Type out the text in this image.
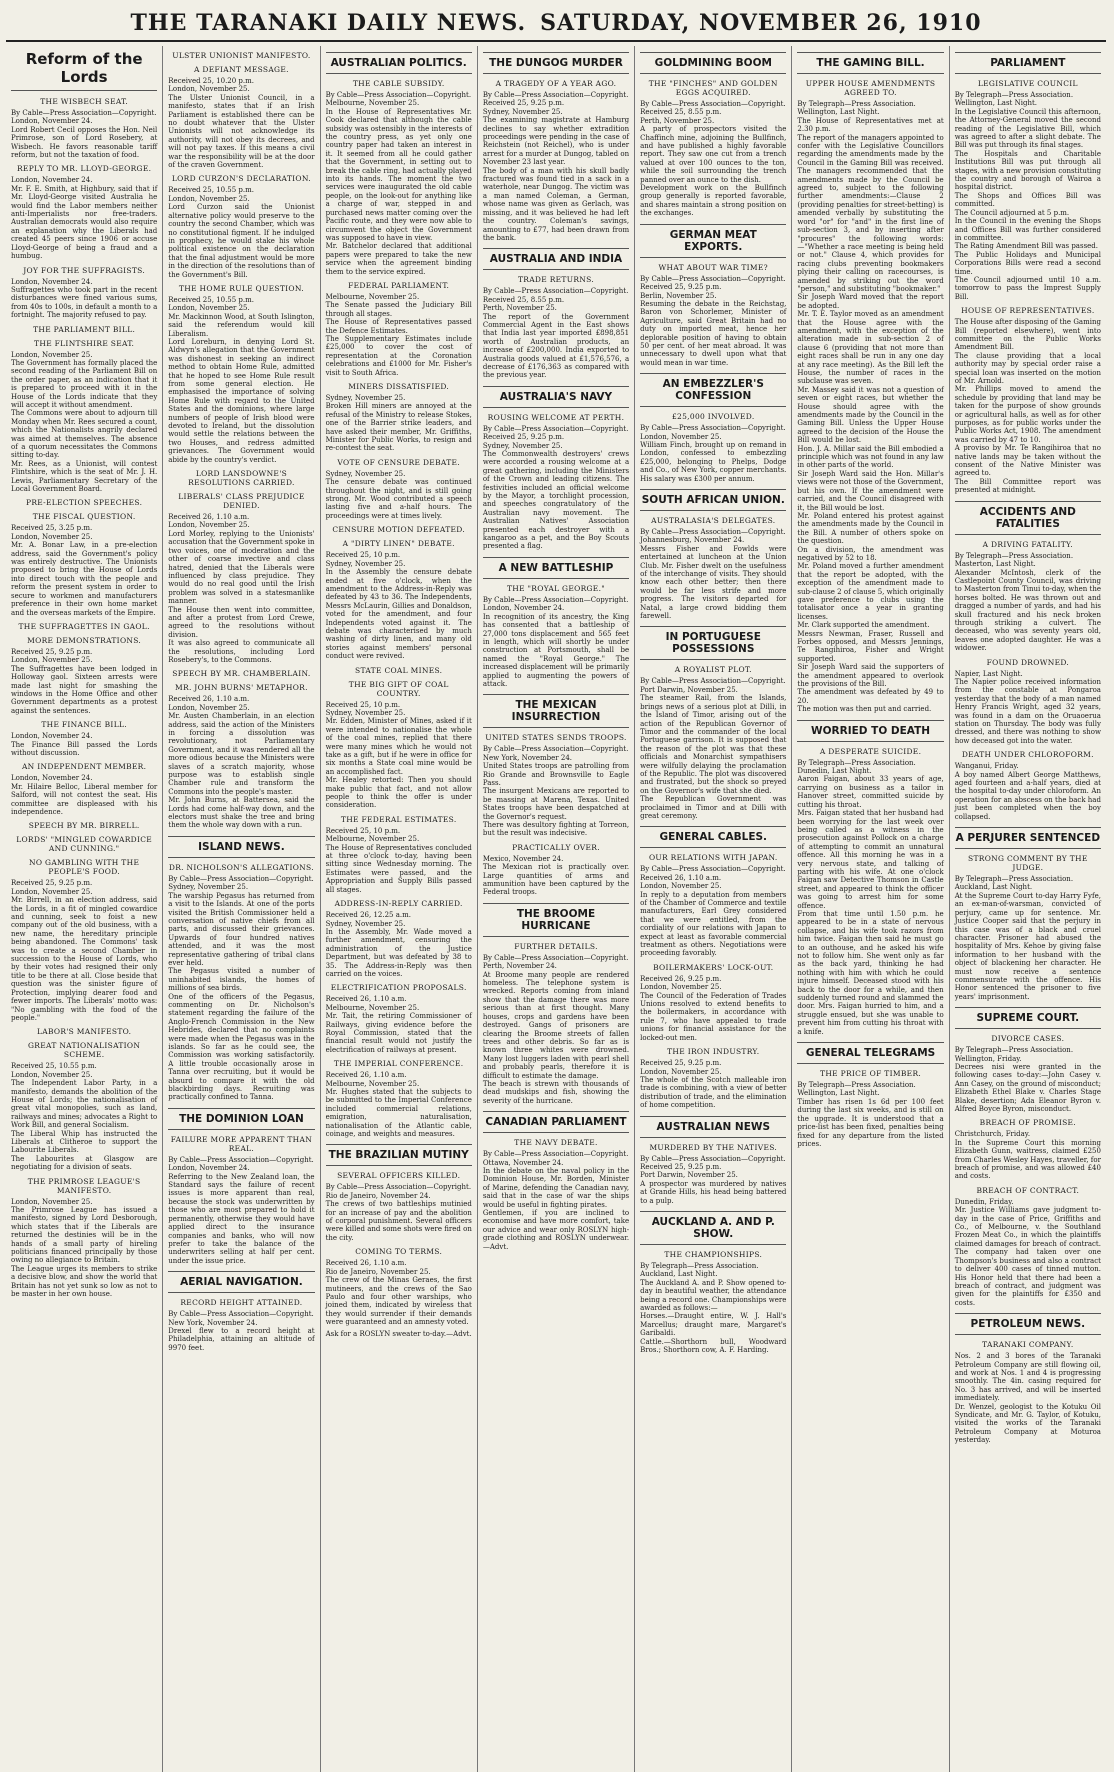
THE TARANAKI DAILY NEWS. SATURDAY, NOVEMBER 26, 1910
Reform of the Lords
THE WISBECH SEAT.

By Cable—Press Association—Copyright.
London, November 24.
Lord Robert Cecil opposes the Hon. Neil Primrose, son of Lord Rosebery, at Wisbech. He favors reasonable tariff reform, but not the taxation of food.

REPLY TO MR. LLOYD-GEORGE.

London, November 24.
Mr. F. E. Smith, at Highbury, said that if Mr. Lloyd-George visited Australia he would find the Labor members neither anti-Imperialists nor free-traders. Australian democrats would also require an explanation why the Liberals had created 45 peers since 1906 or accuse Lloyd-George of being a fraud and a humbug.

JOY FOR THE SUFFRAGISTS.

London, November 24.
Suffragettes who took part in the recent disturbances were fined various sums, from 40s to 100s, in default a month to a fortnight. The majority refused to pay.

THE PARLIAMENT BILL.
THE FLINTSHIRE SEAT.

London, November 25.
The Government has formally placed the second reading of the Parliament Bill on the order paper, as an indication that it is prepared to proceed with it in the House of the Lords indicate that they will accept it without amendment.
The Commons were about to adjourn till Monday when Mr. Rees secured a count, which the Nationalists angrily declared was aimed at themselves. The absence of a quorum necessitates the Commons sitting to-day.
Mr. Rees, as a Unionist, will contest Flintshire, which is the seat of Mr. J. H. Lewis, Parliamentary Secretary of the Local Government Board.

PRE-ELECTION SPEECHES.
THE FISCAL QUESTION.

Received 25, 3.25 p.m.
London, November 25.
Mr. A. Bonar Law, in a pre-election address, said the Government's policy was entirely destructive. The Unionists proposed to bring the House of Lords into direct touch with the people and reform the present system in order to secure to workmen and manufacturers preference in their own home market and the overseas markets of the Empire.

THE SUFFRAGETTES IN GAOL.
MORE DEMONSTRATIONS.

Received 25, 9.25 p.m.
London, November 25.
The Suffragettes have been lodged in Holloway gaol. Sixteen arrests were made last night for smashing the windows in the Home Office and other Government departments as a protest against the sentences.

THE FINANCE BILL.

London, November 24.
The Finance Bill passed the Lords without discussion.

AN INDEPENDENT MEMBER.

London, November 24.
Mr. Hilaire Belloc, Liberal member for Salford, will not contest the seat. His committee are displeased with his independence.

SPEECH BY MR. BIRRELL.
LORDS' "MINGLED COWARDICE AND CUNNING."
NO GAMBLING WITH THE PEOPLE'S FOOD.

Received 25, 9.25 p.m.
London, November 25.
Mr. Birrell, in an election address, said the Lords, in a fit of mingled cowardice and cunning, seek to foist a new company out of the old business, with a new name, the hereditary principle being abandoned. The Commons' task was to create a second Chamber in succession to the House of Lords, who by their votes had resigned their only title to be there at all. Close beside that question was the sinister figure of Protection, implying dearer food and fewer imports. The Liberals' motto was: "No gambling with the food of the people."

LABOR'S MANIFESTO.
GREAT NATIONALISATION SCHEME.

Received 25, 10.55 p.m.
London, November 25.
The Independent Labor Party, in a manifesto, demands the abolition of the House of Lords; the nationalisation of great vital monopolies, such as land, railways and mines; advocates a Right to Work Bill, and general Socialism.
The Liberal Whip has instructed the Liberals at Clitheroe to support the Labourite Liberals.
The Labourites at Glasgow are negotiating for a division of seats.

THE PRIMROSE LEAGUE'S MANIFESTO.

London, November 25.
The Primrose League has issued a manifesto, signed by Lord Desborough, which states that if the Liberals are returned the destinies will be in the hands of a small party of hireling politicians financed principally by those owing no allegiance to Britain.
The League urges its members to strike a decisive blow, and show the world that Britain has not yet sunk so low as not to be master in her own house.

ULSTER UNIONIST MANIFESTO.
A DEFIANT MESSAGE.

Received 25, 10.20 p.m.
London, November 25.
The Ulster Unionist Council, in a manifesto, states that if an Irish Parliament is established there can be no doubt whatever that the Ulster Unionists will not acknowledge its authority, will not obey its decrees, and will not pay taxes. If this means a civil war the responsibility will be at the door of the craven Government.

LORD CURZON'S DECLARATION.

Received 25, 10.55 p.m.
London, November 25.
Lord Curzon said the Unionist alternative policy would preserve to the country the second Chamber, which was no constitutional figment. If he indulged in prophecy, he would stake his whole political existence on the declaration that the final adjustment would be more in the direction of the resolutions than of the Government's Bill.

THE HOME RULE QUESTION.

Received 25, 10.55 p.m.
London, November 25.
Mr. Mackinnon Wood, at South Islington, said the referendum would kill Liberalism.
Lord Loreburn, in denying Lord St. Aldwyn's allegation that the Government was dishonest in seeking an indirect method to obtain Home Rule, admitted that he hoped to see Home Rule result from some general election. He emphasised the importance of solving Home Rule with regard to the United States and the dominions, where large numbers of people of Irish blood were devoted to Ireland, but the dissolution would settle the relations between the two Houses, and redress admitted grievances. The Government would abide by the country's verdict.

LORD LANSDOWNE'S RESOLUTIONS CARRIED.
LIBERALS' CLASS PREJUDICE DENIED.

Received 26, 1.10 a.m.
London, November 25.
Lord Morley, replying to the Unionists' accusation that the Government spoke in two voices, one of moderation and the other of coarse invective and class hatred, denied that the Liberals were influenced by class prejudice. They would do no real good until the Irish problem was solved in a statesmanlike manner.
The House then went into committee, and after a protest from Lord Crewe, agreed to the resolutions without division.
It was also agreed to communicate all the resolutions, including Lord Rosebery's, to the Commons.

SPEECH BY MR. CHAMBERLAIN.
MR. JOHN BURNS' METAPHOR.

Received 26, 1.10 a.m.
London, November 25.
Mr. Austen Chamberlain, in an election address, said the action of the Ministers in forcing a dissolution was revolutionary, not Parliamentary Government, and it was rendered all the more odious because the Ministers were slaves of a scratch majority, whose purpose was to establish single Chamber rule and transform the Commons into the people's master.
Mr. John Burns, at Battersea, said the Lords had come half-way down, and the electors must shake the tree and bring them the whole way down with a run.

ISLAND NEWS.
DR. NICHOLSON'S ALLEGATIONS.

By Cable—Press Association—Copyright.
Sydney, November 25.
The warship Pegasus has returned from a visit to the Islands. At one of the ports visited the British Commissioner held a conversation of native chiefs from all parts, and discussed their grievances. Upwards of four hundred natives attended, and it was the most representative gathering of tribal clans ever held.
The Pegasus visited a number of uninhabited islands, the homes of millions of sea birds.
One of the officers of the Pegasus, commenting on Dr. Nicholson's statement regarding the failure of the Anglo-French Commission in the New Hebrides, declared that no complaints were made when the Pegasus was in the islands. So far as he could see, the Commission was working satisfactorily. A little trouble occasionally arose in Tanna over recruiting, but it would be absurd to compare it with the old blackbirding days. Recruiting was practically confined to Tanna.

THE DOMINION LOAN
FAILURE MORE APPARENT THAN REAL.

By Cable—Press Association—Copyright.
London, November 24.
Referring to the New Zealand loan, the Standard says the failure of recent issues is more apparent than real, because the stock was underwritten by those who are most prepared to hold it permanently, otherwise they would have applied direct to the insurance companies and banks, who will now prefer to take the balance of the underwriters selling at half per cent. under the issue price.

AERIAL NAVIGATION.
RECORD HEIGHT ATTAINED.

By Cable—Press Association—Copyright.
New York, November 24.
Drexel flew to a record height at Philadelphia, attaining an altitude of 9970 feet.

AUSTRALIAN POLITICS.
THE CABLE SUBSIDY.

By Cable—Press Association—Copyright.
Melbourne, November 25.
In the House of Representatives Mr. Cook declared that although the cable subsidy was ostensibly in the interests of the country press, as yet only one country paper had taken an interest in it. It seemed from all he could gather that the Government, in setting out to break the cable ring, had actually played into its hands. The moment the two services were inaugurated the old cable people, on the look-out for anything like a charge of war, stepped in and purchased news matter coming over the Pacific route, and they were now able to circumvent the object the Government was supposed to have in view.
Mr. Batchelor declared that additional papers were prepared to take the new service when the agreement binding them to the service expired.

FEDERAL PARLIAMENT.

Melbourne, November 25.
The Senate passed the Judiciary Bill through all stages.
The House of Representatives passed the Defence Estimates.
The Supplementary Estimates include £25,000 to cover the cost of representation at the Coronation celebrations and £1000 for Mr. Fisher's visit to South Africa.

MINERS DISSATISFIED.

Sydney, November 25.
Broken Hill miners are annoyed at the refusal of the Ministry to release Stokes, one of the Barrier strike leaders, and have asked their member, Mr. Griffiths, Minister for Public Works, to resign and re-contest the seat.

VOTE OF CENSURE DEBATE.

Sydney, November 25.
The censure debate was continued throughout the night, and is still going strong. Mr. Wood contributed a speech lasting five and a-half hours. The proceedings were at times lively.

CENSURE MOTION DEFEATED.
A "DIRTY LINEN" DEBATE.

Received 25, 10 p.m.
Sydney, November 25.
In the Assembly the censure debate ended at five o'clock, when the amendment to the Address-in-Reply was defeated by 43 to 36. The Independents, Messrs McLaurin, Gillies and Donaldson, voted for the amendment, and four Independents voted against it. The debate was characterised by much washing of dirty linen, and many old stories against members' personal conduct were revived.

STATE COAL MINES.
THE BIG GIFT OF COAL COUNTRY.

Received 25, 10 p.m.
Sydney, November 25.
Mr. Edden, Minister of Mines, asked if it were intended to nationalise the whole of the coal mines, replied that there were many mines which he would not take as a gift, but if he were in office for six months a State coal mine would be an accomplished fact.
Mr. Healey retorted: Then you should make public that fact, and not allow people to think the offer is under consideration.

THE FEDERAL ESTIMATES.

Received 25, 10 p.m.
Melbourne, November 25.
The House of Representatives concluded at three o'clock to-day, having been sitting since Wednesday morning. The Estimates were passed, and the Appropriation and Supply Bills passed all stages.

ADDRESS-IN-REPLY CARRIED.

Received 26, 12.25 a.m.
Sydney, November 25.
In the Assembly, Mr. Wade moved a further amendment, censuring the administration of the Justice Department, but was defeated by 38 to 35. The Address-in-Reply was then carried on the voices.

ELECTRIFICATION PROPOSALS.

Received 26, 1.10 a.m.
Melbourne, November 25.
Mr. Tait, the retiring Commissioner of Railways, giving evidence before the Royal Commission, stated that the financial result would not justify the electrification of railways at present.

THE IMPERIAL CONFERENCE.

Received 26, 1.10 a.m.
Melbourne, November 25.
Mr. Hughes stated that the subjects to be submitted to the Imperial Conference included commercial relations, emigration, naturalisation, nationalisation of the Atlantic cable, coinage, and weights and measures.

THE BRAZILIAN MUTINY
SEVERAL OFFICERS KILLED.

By Cable—Press Association—Copyright.
Rio de Janeiro, November 24.
The crews of two battleships mutinied for an increase of pay and the abolition of corporal punishment. Several officers were killed and some shots were fired on the city.

COMING TO TERMS.

Received 26, 1.10 a.m.
Rio de Janeiro, November 25.
The crew of the Minas Geraes, the first mutineers, and the crews of the Sao Paulo and four other warships, who joined them, indicated by wireless that they would surrender if their demands were guaranteed and an amnesty voted.

Ask for a ROSLYN sweater to-day.—Advt.

THE DUNGOG MURDER
A TRAGEDY OF A YEAR AGO.

By Cable—Press Association—Copyright.
Received 25, 9.25 p.m.
Sydney, November 25.
The examining magistrate at Hamburg declines to say whether extradition proceedings were pending in the case of Reichstein (not Reichel), who is under arrest for a murder at Dungog, tabled on November 23 last year.
The body of a man with his skull badly fractured was found tied in a sack in a waterhole, near Dungog. The victim was a man named Coleman, a German, whose name was given as Gerlach, was missing, and it was believed he had left the country. Coleman's savings, amounting to £77, had been drawn from the bank.

AUSTRALIA AND INDIA
TRADE RETURNS.

By Cable—Press Association—Copyright.
Received 25, 8.55 p.m.
Perth, November 25.
The report of the Government Commercial Agent in the East shows that India last year imported £898,851 worth of Australian products, an increase of £200,000. India exported to Australia goods valued at £1,576,576, a decrease of £176,363 as compared with the previous year.

AUSTRALIA'S NAVY
ROUSING WELCOME AT PERTH.

By Cable—Press Association—Copyright.
Received 25, 9.25 p.m.
Sydney, November 25.
The Commonwealth destroyers' crews were accorded a rousing welcome at a great gathering, including the Ministers of the Crown and leading citizens. The festivities included an official welcome by the Mayor, a torchlight procession, and speeches congratulatory of the Australian navy movement. The Australian Natives' Association presented each destroyer with a kangaroo as a pet, and the Boy Scouts presented a flag.

A NEW BATTLESHIP
THE "ROYAL GEORGE."

By Cable—Press Association—Copyright.
London, November 24.
In recognition of its ancestry, the King has consented that a battleship of 27,000 tons displacement and 565 feet in length, which will shortly be under construction at Portsmouth, shall be named the "Royal George." The increased displacement will be primarily applied to augmenting the powers of attack.

THE MEXICAN INSURRECTION
UNITED STATES SENDS TROOPS.

By Cable—Press Association—Copyright.
New York, November 24.
United States troops are patrolling from Rio Grande and Brownsville to Eagle Pass.
The insurgent Mexicans are reported to be massing at Marena, Texas. United States troops have been despatched at the Governor's request.
There was desultory fighting at Torreon, but the result was indecisive.

PRACTICALLY OVER.

Mexico, November 24.
The Mexican riot is practically over. Large quantities of arms and ammunition have been captured by the Federal troops.

THE BROOME HURRICANE
FURTHER DETAILS.

By Cable—Press Association—Copyright.
Perth, November 24.
At Broome many people are rendered homeless. The telephone system is wrecked. Reports coming from inland show that the damage there was more serious than at first thought. Many houses, crops and gardens have been destroyed. Gangs of prisoners are clearing the Broome streets of fallen trees and other debris. So far as is known three whites were drowned. Many lost luggers laden with pearl shell and probably pearls, therefore it is difficult to estimate the damage.
The beach is strewn with thousands of dead mudskips and fish, showing the severity of the hurricane.

CANADIAN PARLIAMENT
THE NAVY DEBATE.

By Cable—Press Association—Copyright.
Ottawa, November 24.
In the debate on the naval policy in the Dominion House, Mr. Borden, Minister of Marine, defending the Canadian navy, said that in the case of war the ships would be useful in fighting pirates.
Gentlemen, if you are inclined to economise and have more comfort, take our advice and wear only ROSLYN high-grade clothing and ROSLYN underwear. —Advt.

GOLDMINING BOOM
THE "FINCHES" AND GOLDEN EGGS ACQUIRED.

By Cable—Press Association—Copyright.
Received 25, 8.55 p.m.
Perth, November 25.
A party of prospectors visited the Chaffinch mine, adjoining the Bullfinch, and have published a highly favorable report. They saw one cut from a trench valued at over 100 ounces to the ton, while the soil surrounding the trench panned over an ounce to the dish.
Development work on the Bullfinch group generally is reported favorable, and shares maintain a strong position on the exchanges.

GERMAN MEAT EXPORTS.
WHAT ABOUT WAR TIME?

By Cable—Press Association—Copyright.
Received 25, 9.25 p.m.
Berlin, November 25.
Resuming the debate in the Reichstag, Baron von Schorlemer, Minister of Agriculture, said Great Britain had no duty on imported meat, hence her deplorable position of having to obtain 50 per cent. of her meat abroad. It was unnecessary to dwell upon what that would mean in war time.

AN EMBEZZLER'S CONFESSION
£25,000 INVOLVED.

By Cable—Press Association—Copyright.
London, November 25.
William Finch, brought up on remand in London, confessed to embezzling £25,000, belonging to Phelps, Dodge and Co., of New York, copper merchants. His salary was £300 per annum.

SOUTH AFRICAN UNION.
AUSTRALASIA'S DELEGATES.

By Cable—Press Association—Copyright.
Johannesburg, November 24.
Messrs Fisher and Fowlds were entertained at luncheon at the Union Club. Mr. Fisher dwelt on the usefulness of the interchange of visits. They should know each other better; then there would be far less strife and more progress. The visitors departed for Natal, a large crowd bidding them farewell.

IN PORTUGUESE POSSESSIONS
A ROYALIST PLOT.

By Cable—Press Association—Copyright.
Port Darwin, November 25.
The steamer Rail, from the Islands, brings news of a serious plot at Dilli, in the Island of Timor, arising out of the action of the Republican Governor of Timor and the commander of the local Portuguese garrison. It is supposed that the reason of the plot was that these officials and Monarchist sympathisers were wilfully delaying the proclamation of the Republic. The plot was discovered and frustrated, but the shock so preyed on the Governor's wife that she died.
The Republican Government was proclaimed in Timor and at Dilli with great ceremony.

GENERAL CABLES.
OUR RELATIONS WITH JAPAN.

By Cable—Press Association—Copyright.
Received 26, 1.10 a.m.
London, November 25.
In reply to a deputation from members of the Chamber of Commerce and textile manufacturers, Earl Grey considered that we were entitled, from the cordiality of our relations with Japan to expect at least as favorable commercial treatment as others. Negotiations were proceeding favorably.

BOILERMAKERS' LOCK-OUT.

Received 26, 9.25 p.m.
London, November 25.
The Council of the Federation of Trades Unions resolved to extend benefits to the boilermakers, in accordance with rule 7, who have appealed to trade unions for financial assistance for the locked-out men.

THE IRON INDUSTRY.

Received 25, 9.25 p.m.
London, November 25.
The whole of the Scotch malleable iron trade is combining, with a view of better distribution of trade, and the elimination of home competition.

AUSTRALIAN NEWS
MURDERED BY THE NATIVES.

By Cable—Press Association—Copyright.
Received 25, 9.25 p.m.
Port Darwin, November 25.
A prospector was murdered by natives at Grande Hills, his head being battered to a pulp.

AUCKLAND A. AND P. SHOW.
THE CHAMPIONSHIPS.

By Telegraph—Press Association.
Auckland, Last Night.
The Auckland A. and P. Show opened to-day in beautiful weather, the attendance being a record one. Championships were awarded as follows:—
Horses.—Draught entire, W. J. Hall's Marcellus; draught mare, Margaret's Garibaldi.
Cattle.—Shorthorn bull, Woodward Bros.; Shorthorn cow, A. F. Harding.

THE GAMING BILL.
UPPER HOUSE AMENDMENTS AGREED TO.

By Telegraph—Press Association.
Wellington, Last Night.
The House of Representatives met at 2.30 p.m.
The report of the managers appointed to confer with the Legislative Councillors regarding the amendments made by the Council in the Gaming Bill was received. The managers recommended that the amendments made by the Council be agreed to, subject to the following further amendments:—Clause 2 (providing penalties for street-betting) is amended verbally by substituting the word "or" for "and" in the first line of sub-section 3, and by inserting after "procures" the following words:—"Whether a race meeting is being held or not." Clause 4, which provides for racing clubs preventing bookmakers plying their calling on racecourses, is amended by striking out the word "person," and substituting "bookmaker."
Sir Joseph Ward moved that the report be adopted.
Mr. T. E. Taylor moved as an amendment that the House agree with the amendment, with the exception of the alteration made in sub-section 2 of clause 6 (providing that not more than eight races shall be run in any one day at any race meeting). As the Bill left the House, the number of races in the subclause was seven.
Mr. Massey said it was not a question of seven or eight races, but whether the House should agree with the amendments made by the Council in the Gaming Bill. Unless the Upper House agreed to the decision of the House the Bill would be lost.
Hon. J. A. Millar said the Bill embodied a principle which was not found in any law in other parts of the world.
Sir Joseph Ward said the Hon. Millar's views were not those of the Government, but his own. If the amendment were carried, and the Council disagreed with it, the Bill would be lost.
Mr. Poland entered his protest against the amendments made by the Council in the Bill. A number of others spoke on the question.
On a division, the amendment was negatived by 52 to 18.
Mr. Poland moved a further amendment that the report be adopted, with the exception of the amendment made to sub-clause 2 of clause 5, which originally gave preference to clubs using the totalisator once a year in granting licenses.
Mr. Clark supported the amendment.
Messrs Newman, Fraser, Russell and Forbes opposed, and Messrs Jennings, Te Rangihiroa, Fisher and Wright supported.
Sir Joseph Ward said the supporters of the amendment appeared to overlook the provisions of the Bill.
The amendment was defeated by 49 to 20.
The motion was then put and carried.

WORRIED TO DEATH
A DESPERATE SUICIDE.

By Telegraph—Press Association.
Dunedin, Last Night.
Aaron Faigan, about 33 years of age, carrying on business as a tailor in Hanover street, committed suicide by cutting his throat.
Mrs. Faigan stated that her husband had been worrying for the last week over being called as a witness in the prosecution against Pollock on a charge of attempting to commit an unnatural offence. All this morning he was in a very nervous state, and talking of parting with his wife. At one o'clock Faigan saw Detective Thomson in Castle street, and appeared to think the officer was going to arrest him for some offence.
From that time until 1.50 p.m. he appeared to be in a state of nervous collapse, and his wife took razors from him twice. Faigan then said he must go to an outhouse, and he asked his wife not to follow him. She went only as far as the back yard, thinking he had nothing with him with which he could injure himself. Deceased stood with his back to the door for a while, and then suddenly turned round and slammed the door. Mrs. Faigan hurried to him, and a struggle ensued, but she was unable to prevent him from cutting his throat with a knife.

GENERAL TELEGRAMS
THE PRICE OF TIMBER.

By Telegraph—Press Association.
Wellington, Last Night.
Timber has risen 1s 6d per 100 feet during the last six weeks, and is still on the upgrade. It is understood that a price-list has been fixed, penalties being fixed for any departure from the listed prices.

PARLIAMENT
LEGISLATIVE COUNCIL

By Telegraph—Press Association.
Wellington, Last Night.
In the Legislative Council this afternoon, the Attorney-General moved the second reading of the Legislative Bill, which was agreed to after a slight debate. The Bill was put through its final stages.
The Hospitals and Charitable Institutions Bill was put through all stages, with a new provision constituting the country and borough of Wairoa a hospital district.
The Shops and Offices Bill was committed.
The Council adjourned at 5 p.m.
In the Council in the evening the Shops and Offices Bill was further considered in committee.
The Rating Amendment Bill was passed.
The Public Holidays and Municipal Corporations Bills were read a second time.
The Council adjourned until 10 a.m. tomorrow to pass the Imprest Supply Bill.

HOUSE OF REPRESENTATIVES.

The House after disposing of the Gaming Bill (reported elsewhere), went into committee on the Public Works Amendment Bill.
The clause providing that a local authority may by special order raise a special loan was inserted on the motion of Mr. Arnold.
Mr. Phillips moved to amend the schedule by providing that land may be taken for the purpose of show grounds or agricultural halls, as well as for other purposes, as for public works under the Public Works Act, 1908. The amendment was carried by 47 to 10.
A proviso by Mr. Te Rangihiroa that no native lands may be taken without the consent of the Native Minister was agreed to.
The Bill Committee report was presented at midnight.

ACCIDENTS AND FATALITIES
A DRIVING FATALITY.

By Telegraph—Press Association.
Masterton, Last Night.
Alexander McIntosh, clerk of the Castlepoint County Council, was driving to Masterton from Tinui to-day, when the horses bolted. He was thrown out and dragged a number of yards, and had his skull fractured and his neck broken through striking a culvert. The deceased, who was seventy years old, leaves one adopted daughter. He was a widower.

FOUND DROWNED.

Napier, Last Night.
The Napier police received information from the constable at Pongaroa yesterday that the body of a man named Henry Francis Wright, aged 32 years, was found in a dam on the Oruaoerua station on Thursday. The body was fully dressed, and there was nothing to show how deceased got into the water.

DEATH UNDER CHLOROFORM.

Wanganui, Friday.
A boy named Albert George Matthews, aged fourteen and a-half years, died at the hospital to-day under chloroform. An operation for an abscess on the back had just been completed when the boy collapsed.

A PERJURER SENTENCED
STRONG COMMENT BY THE JUDGE.

By Telegraph—Press Association.
Auckland, Last Night.
At the Supreme Court to-day Harry Fyfe, an ex-man-of-warsman, convicted of perjury, came up for sentence. Mr. Justice Cooper said that the perjury in this case was of a black and cruel character. Prisoner had abused the hospitality of Mrs. Kehoe by giving false information to her husband with the object of blackening her character. He must now receive a sentence commensurate with the offence. His Honor sentenced the prisoner to five years' imprisonment.

SUPREME COURT.
DIVORCE CASES.

By Telegraph—Press Association.
Wellington, Friday.
Decrees nisi were granted in the following cases to-day:—John Casey v. Ann Casey, on the ground of misconduct; Elizabeth Ethel Blake v. Charles Stage Blake, desertion; Ada Eleanor Byron v. Alfred Boyce Byron, misconduct.

BREACH OF PROMISE.

Christchurch, Friday.
In the Supreme Court this morning Elizabeth Gunn, waitress, claimed £250 from Charles Wesley Hayes, traveller, for breach of promise, and was allowed £40 and costs.

BREACH OF CONTRACT.

Dunedin, Friday.
Mr. Justice Williams gave judgment to-day in the case of Price, Griffiths and Co., of Melbourne, v. the Southland Frozen Meat Co., in which the plaintiffs claimed damages for breach of contract. The company had taken over one Thompson's business and also a contract to deliver 400 cases of tinned mutton. His Honor held that there had been a breach of contract, and judgment was given for the plaintiffs for £350 and costs.

PETROLEUM NEWS.
TARANAKI COMPANY.

Nos. 2 and 3 bores of the Taranaki Petroleum Company are still flowing oil, and work at Nos. 1 and 4 is progressing smoothly. The 4in. casing required for No. 3 has arrived, and will be inserted immediately.
Dr. Wenzel, geologist to the Kotuku Oil Syndicate, and Mr. G. Taylor, of Kotuku, visited the works of the Taranaki Petroleum Company at Moturoa yesterday.
